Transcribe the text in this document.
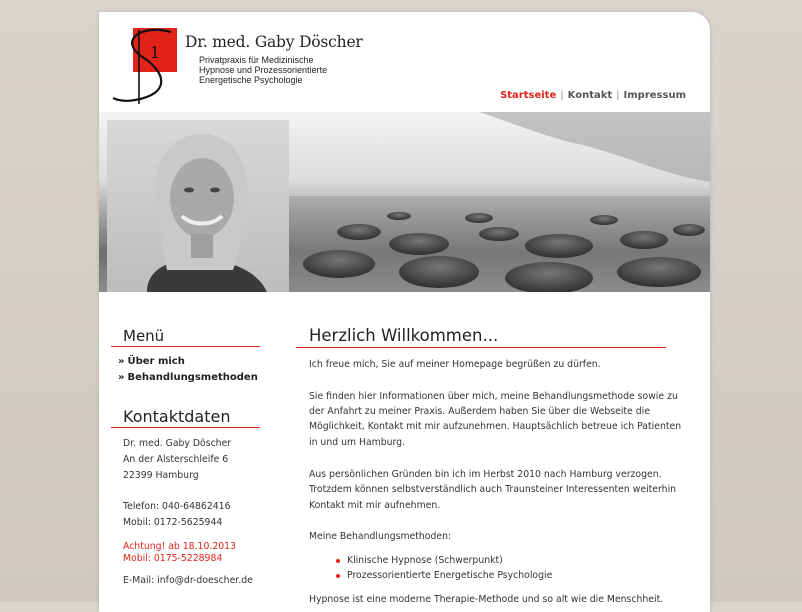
1
Dr. med. Gaby Döscher
Privatpraxis für Medizinische
Hypnose und Prozessorientierte
Energetische Psychologie
Startseite | Kontakt | Impressum
Menü
» Über mich
» Behandlungsmethoden
Kontaktdaten
Dr. med. Gaby Döscher
An der Alsterschleife 6
22399 Hamburg
Telefon: 040-64862416
Mobil: 0172-5625944
Achtung! ab 18.10.2013
Mobil: 0175-5228984
E-Mail: info@dr-doescher.de
Herzlich Willkommen...
Ich freue mich, Sie auf meiner Homepage begrüßen zu dürfen.
Sie finden hier Informationen über mich, meine Behandlungsmethode sowie zu
der Anfahrt zu meiner Praxis. Außerdem haben Sie über die Webseite die
Möglichkeit, Kontakt mit mir aufzunehmen. Hauptsächlich betreue ich Patienten
in und um Hamburg.
Aus persönlichen Gründen bin ich im Herbst 2010 nach Hamburg verzogen.
Trotzdem können selbstverständlich auch Traunsteiner Interessenten weiterhin
Kontakt mit mir aufnehmen.
Meine Behandlungsmethoden:
Klinische Hypnose (Schwerpunkt)
Prozessorientierte Energetische Psychologie
Hypnose ist eine moderne Therapie-Methode und so alt wie die Menschheit.
